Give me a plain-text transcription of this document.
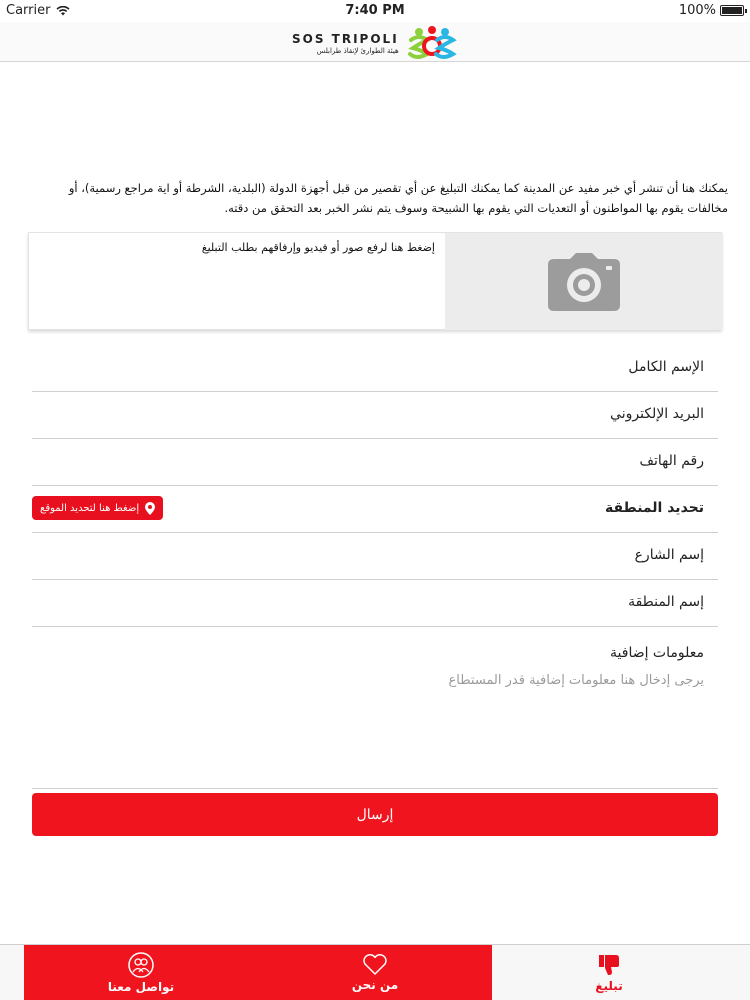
Carrier	7:40 PM	100%
SOS TRIPOLI
هيئة الطوارئ لإنقاذ طرابلس

يمكنك هنا أن تنشر أي خبر مفيد عن المدينة كما يمكنك التبليغ عن أي تقصير من قبل أجهزة الدولة (البلدية، الشرطة أو اية مراجع رسمية)، أو مخالفات يقوم بها المواطنون أو التعديات التي يقوم بها الشبيحة وسوف يتم نشر الخبر بعد التحقق من دقته.

إضغط هنا لرفع صور أو فيديو وإرفاقهم بطلب التبليغ
الإسم الكامل
البريد الإلكتروني
رقم الهاتف
تحديد المنطقة
إضغط هنا لتحديد الموقع
إسم الشارع
إسم المنطقة
معلومات إضافية
يرجى إدخال هنا معلومات إضافية قدر المستطاع
إرسال
تواصل معنا	من نحن	تبليغ
